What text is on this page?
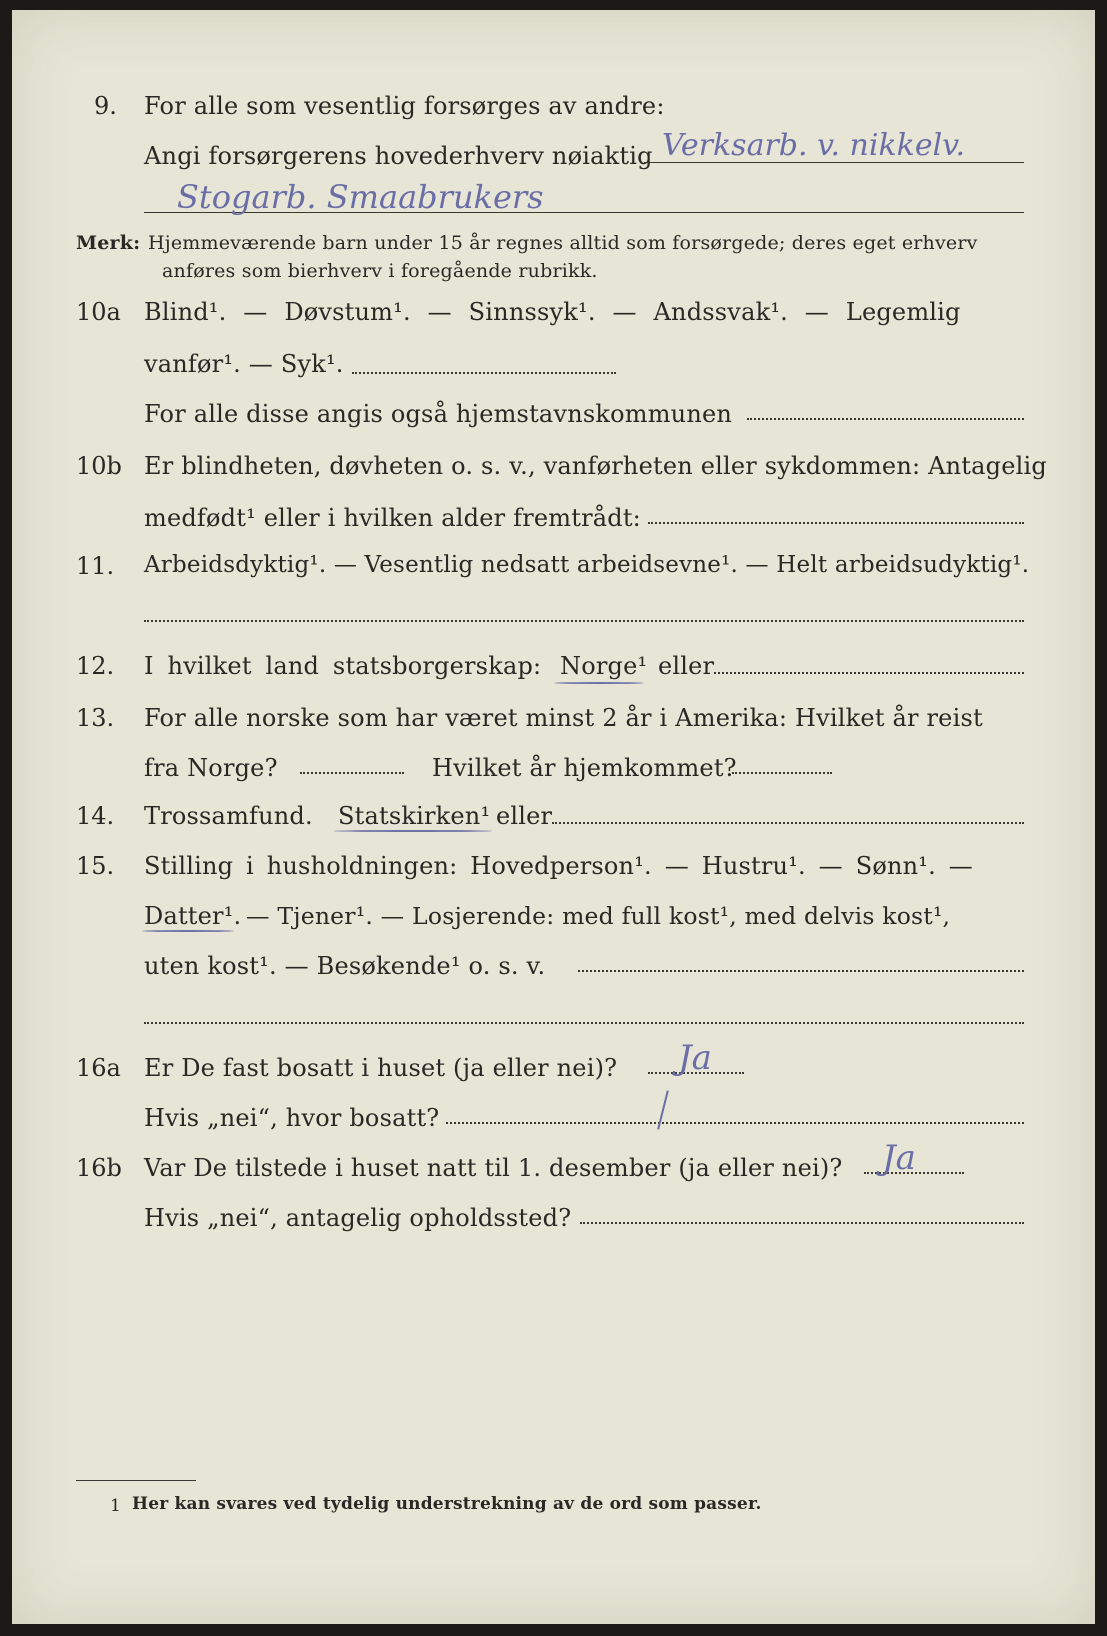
9. For alle som vesentlig forsørges av andre:
Angi forsørgerens hovederhverv nøiaktig Verksarb. v. nikkelv.
Stogarb. Smaabrukers
Merk: Hjemmeværende barn under 15 år regnes alltid som forsørgede; deres eget erhverv
anføres som bierhverv i foregående rubrikk.
10a Blind¹. — Døvstum¹. — Sinnssyk¹. — Andssvak¹. — Legemlig
vanfør¹. — Syk¹.
For alle disse angis også hjemstavnskommunen
10b Er blindheten, døvheten o. s. v., vanførheten eller sykdommen: Antagelig
medfødt¹ eller i hvilken alder fremtrådt:
11. Arbeidsdyktig¹. — Vesentlig nedsatt arbeidsevne¹. — Helt arbeidsudyktig¹.
12. I hvilket land statsborgerskap: Norge¹ eller
13. For alle norske som har været minst 2 år i Amerika: Hvilket år reist
fra Norge?	Hvilket år hjemkommet?
14. Trossamfund. Statskirken¹ eller
15. Stilling i husholdningen: Hovedperson¹. — Hustru¹. — Sønn¹. —
Datter¹. — Tjener¹. — Losjerende: med full kost¹, med delvis kost¹,
uten kost¹. — Besøkende¹ o. s. v.
16a Er De fast bosatt i huset (ja eller nei)? Ja
Hvis „nei“, hvor bosatt?
16b Var De tilstede i huset natt til 1. desember (ja eller nei)? Ja
Hvis „nei“, antagelig opholdssted?
1 Her kan svares ved tydelig understrekning av de ord som passer.
